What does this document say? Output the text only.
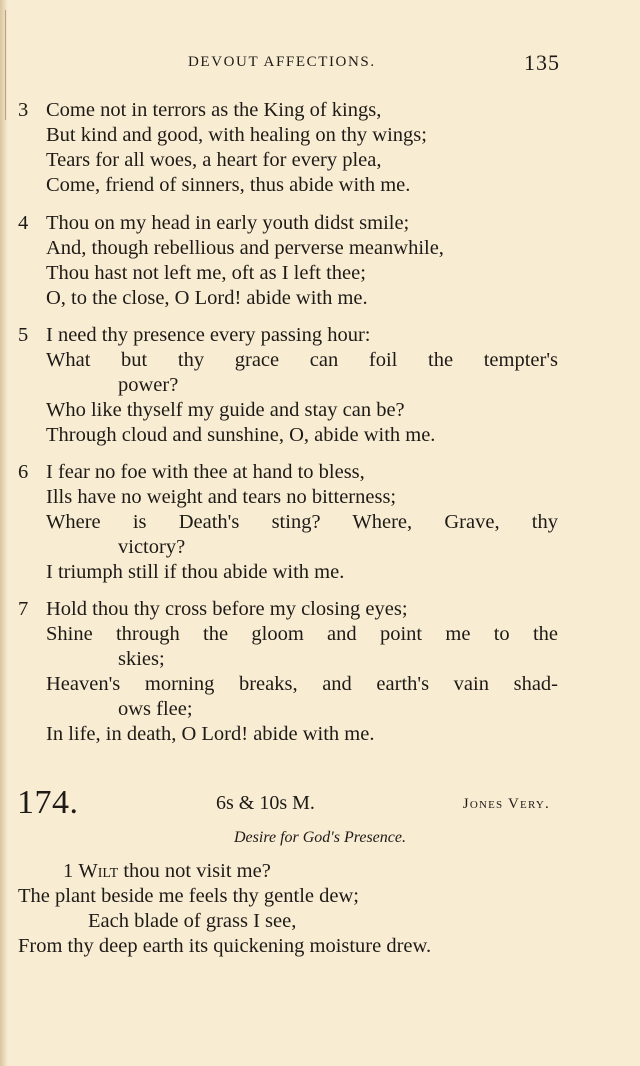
DEVOUT AFFECTIONS.	135
3 Come not in terrors as the King of kings,
But kind and good, with healing on thy wings;
Tears for all woes, a heart for every plea,
Come, friend of sinners, thus abide with me.
4 Thou on my head in early youth didst smile;
And, though rebellious and perverse meanwhile,
Thou hast not left me, oft as I left thee;
O, to the close, O Lord! abide with me.
5 I need thy presence every passing hour:
What but thy grace can foil the tempter's
power?
Who like thyself my guide and stay can be?
Through cloud and sunshine, O, abide with me.
6 I fear no foe with thee at hand to bless,
Ills have no weight and tears no bitterness;
Where is Death's sting? Where, Grave, thy
victory?
I triumph still if thou abide with me.
7 Hold thou thy cross before my closing eyes;
Shine through the gloom and point me to the
skies;
Heaven's morning breaks, and earth's vain shad-
ows flee;
In life, in death, O Lord! abide with me.
174.	6s & 10s M.	Jones Very.
Desire for God's Presence.
1 Wilt thou not visit me?
The plant beside me feels thy gentle dew;
Each blade of grass I see,
From thy deep earth its quickening moisture drew.
